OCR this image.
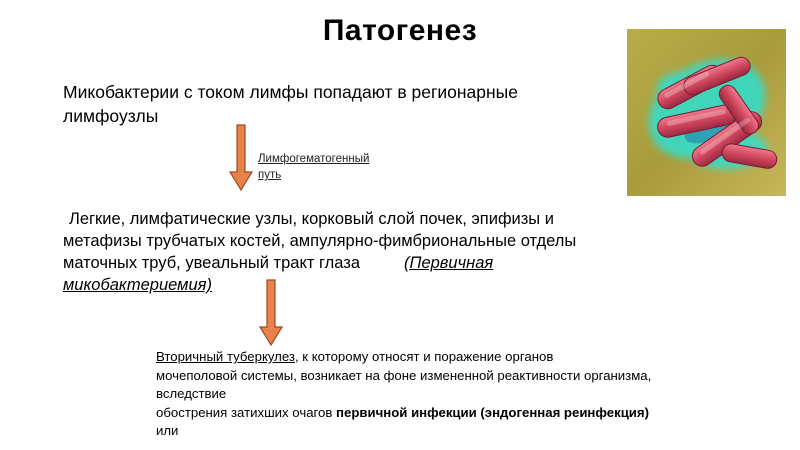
Патогенез
Микобактерии с током лимфы попадают в регионарные
лимфоузлы
Лимфогематогенный
путь
Легкие, лимфатические узлы, корковый слой почек, эпифизы и
метафизы трубчатых костей, ампулярно-фимбриональные отделы
маточных труб, увеальный тракт глаза	(Первичная
микобактериемия)
Вторичный туберкулез, к которому относят и поражение органов
мочеполовой системы, возникает на фоне измененной реактивности организма,
вследствие
обострения затихших очагов первичной инфекции (эндогенная реинфекция)
или
